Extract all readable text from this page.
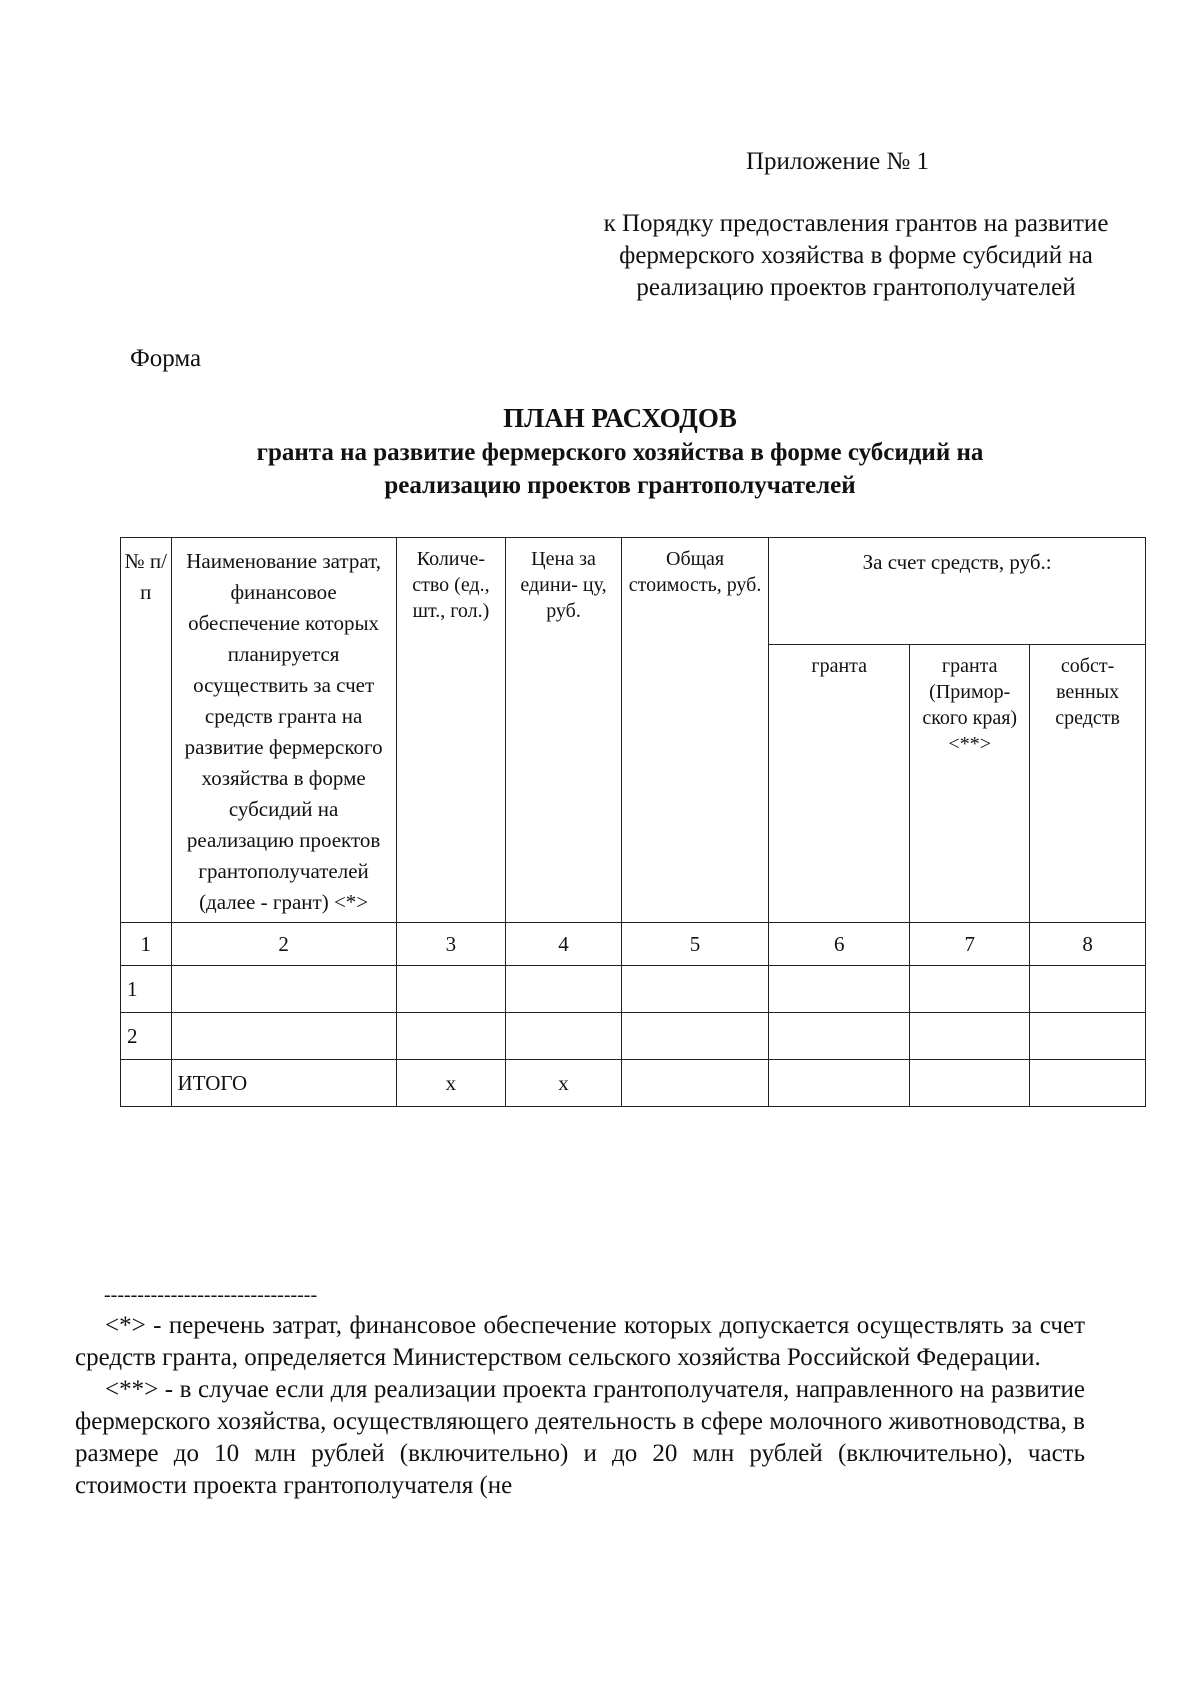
Приложение № 1
к Порядку предоставления грантов на развитие фермерского хозяйства в форме субсидий на реализацию проектов грантополучателей
Форма
ПЛАН РАСХОДОВ
гранта на развитие фермерского хозяйства в форме субсидий на
реализацию проектов грантополучателей
№ п/п	Наименование затрат, финансовое обеспечение которых планируется осуществить за счет средств гранта на развитие фермерского хозяйства в форме субсидий на реализацию проектов грантополучателей (далее - грант) <*>	Количе- ство (ед., шт., гол.)	Цена за едини- цу, руб.	Общая стоимость, руб.	За счет средств, руб.:		
					гранта	гранта (Примор- ского края) <**>	собст- венных средств
1	2	3	4	5	6	7	8
1							
2							
	ИТОГО	х	х				
--------------------------------

<*> - перечень затрат, финансовое обеспечение которых допускается осуществлять за счет средств гранта, определяется Министерством сельского хозяйства Российской Федерации.

<**> - в случае если для реализации проекта грантополучателя, направленного на развитие фермерского хозяйства, осуществляющего деятельность в сфере молочного животноводства, в размере до 10 млн рублей (включительно) и до 20 млн рублей (включительно), часть стоимости проекта грантополучателя (не
